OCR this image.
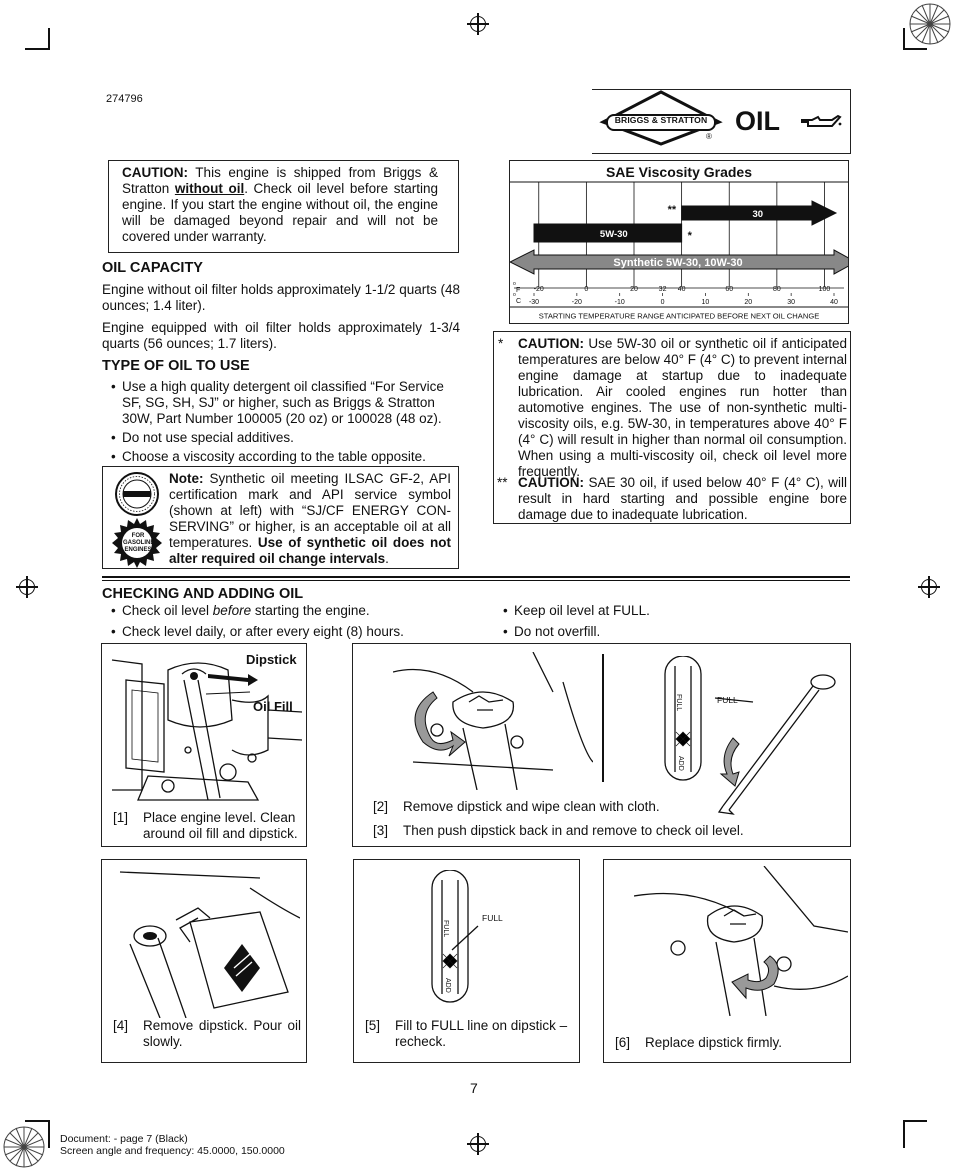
274796
BRIGGS & STRATTON
®
OIL
CAUTION: This engine is shipped from Briggs & Stratton without oil. Check oil level before starting engine. If you start the engine without oil, the engine will be damaged beyond repair and will not be covered under warranty.
OIL CAPACITY
Engine without oil filter holds approximately 1-1/2 quarts (48 ounces; 1.4 liter).
Engine equipped with oil filter holds approximately 1-3/4 quarts (56 ounces; 1.7 liters).
TYPE OF OIL TO USE
• Use a high quality detergent oil classified “For Service SF, SG, SH, SJ” or higher, such as Briggs & Stratton 30W, Part Number 100005 (20 oz) or 100028 (48 oz).
• Do not use special additives.
• Choose a viscosity according to the table opposite.
FOR GASOLINE ENGINES
Note: Synthetic oil meeting ILSAC GF-2, API certification mark and API service symbol (shown at left) with “SJ/CF ENERGY CON-SERVING” or higher, is an acceptable oil at all temperatures. Use of synthetic oil does not alter required oil change intervals.
SAE Viscosity Grades
30
**
5W-30	*
Synthetic 5W-30, 10W-30
o
F
o
C
-20	0	20	32 40	60	80	100
-30	-20	-10	0	10	20	30	40
STARTING TEMPERATURE RANGE ANTICIPATED BEFORE NEXT OIL CHANGE
* CAUTION: Use 5W-30 oil or synthetic oil if anticipated temperatures are below 40° F (4° C) to prevent internal engine damage at startup due to inadequate lubrication. Air cooled engines run hotter than automotive engines. The use of non-synthetic multi-viscosity oils, e.g. 5W-30, in temperatures above 40° F (4° C) will result in higher than normal oil consumption. When using a multi-viscosity oil, check oil level more frequently.
** CAUTION: SAE 30 oil, if used below 40° F (4° C), will result in hard starting and possible engine bore damage due to inadequate lubrication.
CHECKING AND ADDING OIL
• Check oil level before starting the engine.
• Check level daily, or after every eight (8) hours.
• Keep oil level at FULL.
• Do not overfill.
Dipstick
Oil Fill
[1] Place engine level. Clean around oil fill and dipstick.
FULL
ADD
FULL
[2] Remove dipstick and wipe clean with cloth.
[3] Then push dipstick back in and remove to check oil level.
[4] Remove dipstick. Pour oil slowly.
FULL
ADD
FULL
[5] Fill to FULL line on dipstick – recheck.	[6] Replace dipstick firmly.
7
Document: - page 7 (Black)
Screen angle and frequency: 45.0000, 150.0000
